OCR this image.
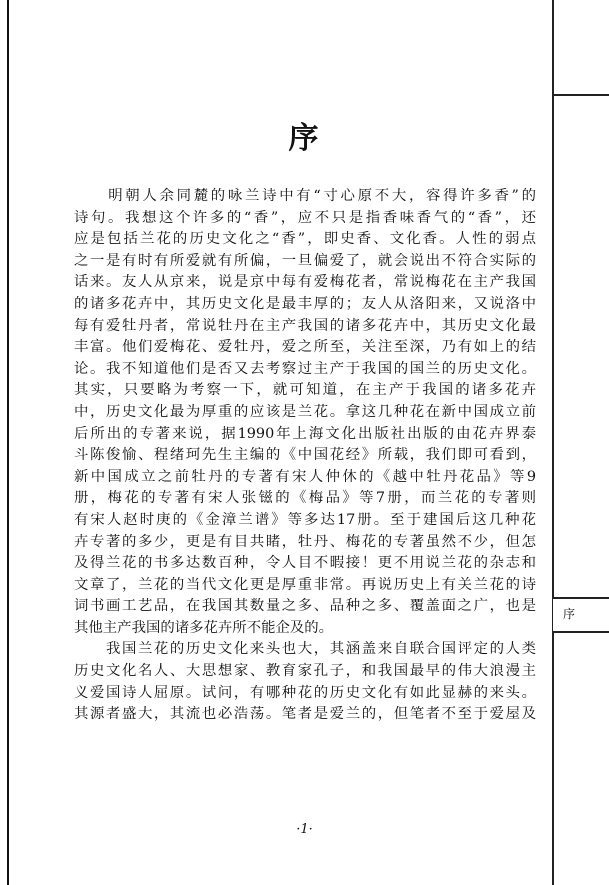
序
序
　　明朝人余同麓的咏兰诗中有“寸心原不大，容得许多香”的
诗句。我想这个许多的“香”，应不只是指香味香气的“香”，还
应是包括兰花的历史文化之“香”，即史香、文化香。人性的弱点
之一是有时有所爱就有所偏，一旦偏爱了，就会说出不符合实际的
话来。友人从京来，说是京中每有爱梅花者，常说梅花在主产我国
的诸多花卉中，其历史文化是最丰厚的；友人从洛阳来，又说洛中
每有爱牡丹者，常说牡丹在主产我国的诸多花卉中，其历史文化最
丰富。他们爱梅花、爱牡丹，爱之所至，关注至深，乃有如上的结
论。我不知道他们是否又去考察过主产于我国的国兰的历史文化。
其实，只要略为考察一下，就可知道，在主产于我国的诸多花卉
中，历史文化最为厚重的应该是兰花。拿这几种花在新中国成立前
后所出的专著来说，据1990年上海文化出版社出版的由花卉界泰
斗陈俊愉、程绪珂先生主编的《中国花经》所载，我们即可看到，
新中国成立之前牡丹的专著有宋人仲休的《越中牡丹花品》等9
册，梅花的专著有宋人张镃的《梅品》等7册，而兰花的专著则
有宋人赵时庚的《金漳兰谱》等多达17册。至于建国后这几种花
卉专著的多少，更是有目共睹，牡丹、梅花的专著虽然不少，但怎
及得兰花的书多达数百种，令人目不暇接！更不用说兰花的杂志和
文章了，兰花的当代文化更是厚重非常。再说历史上有关兰花的诗
词书画工艺品，在我国其数量之多、品种之多、覆盖面之广，也是
其他主产我国的诸多花卉所不能企及的。
　　我国兰花的历史文化来头也大，其涵盖来自联合国评定的人类
历史文化名人、大思想家、教育家孔子，和我国最早的伟大浪漫主
义爱国诗人屈原。试问，有哪种花的历史文化有如此显赫的来头。
其源者盛大，其流也必浩荡。笔者是爱兰的，但笔者不至于爱屋及
·1·
